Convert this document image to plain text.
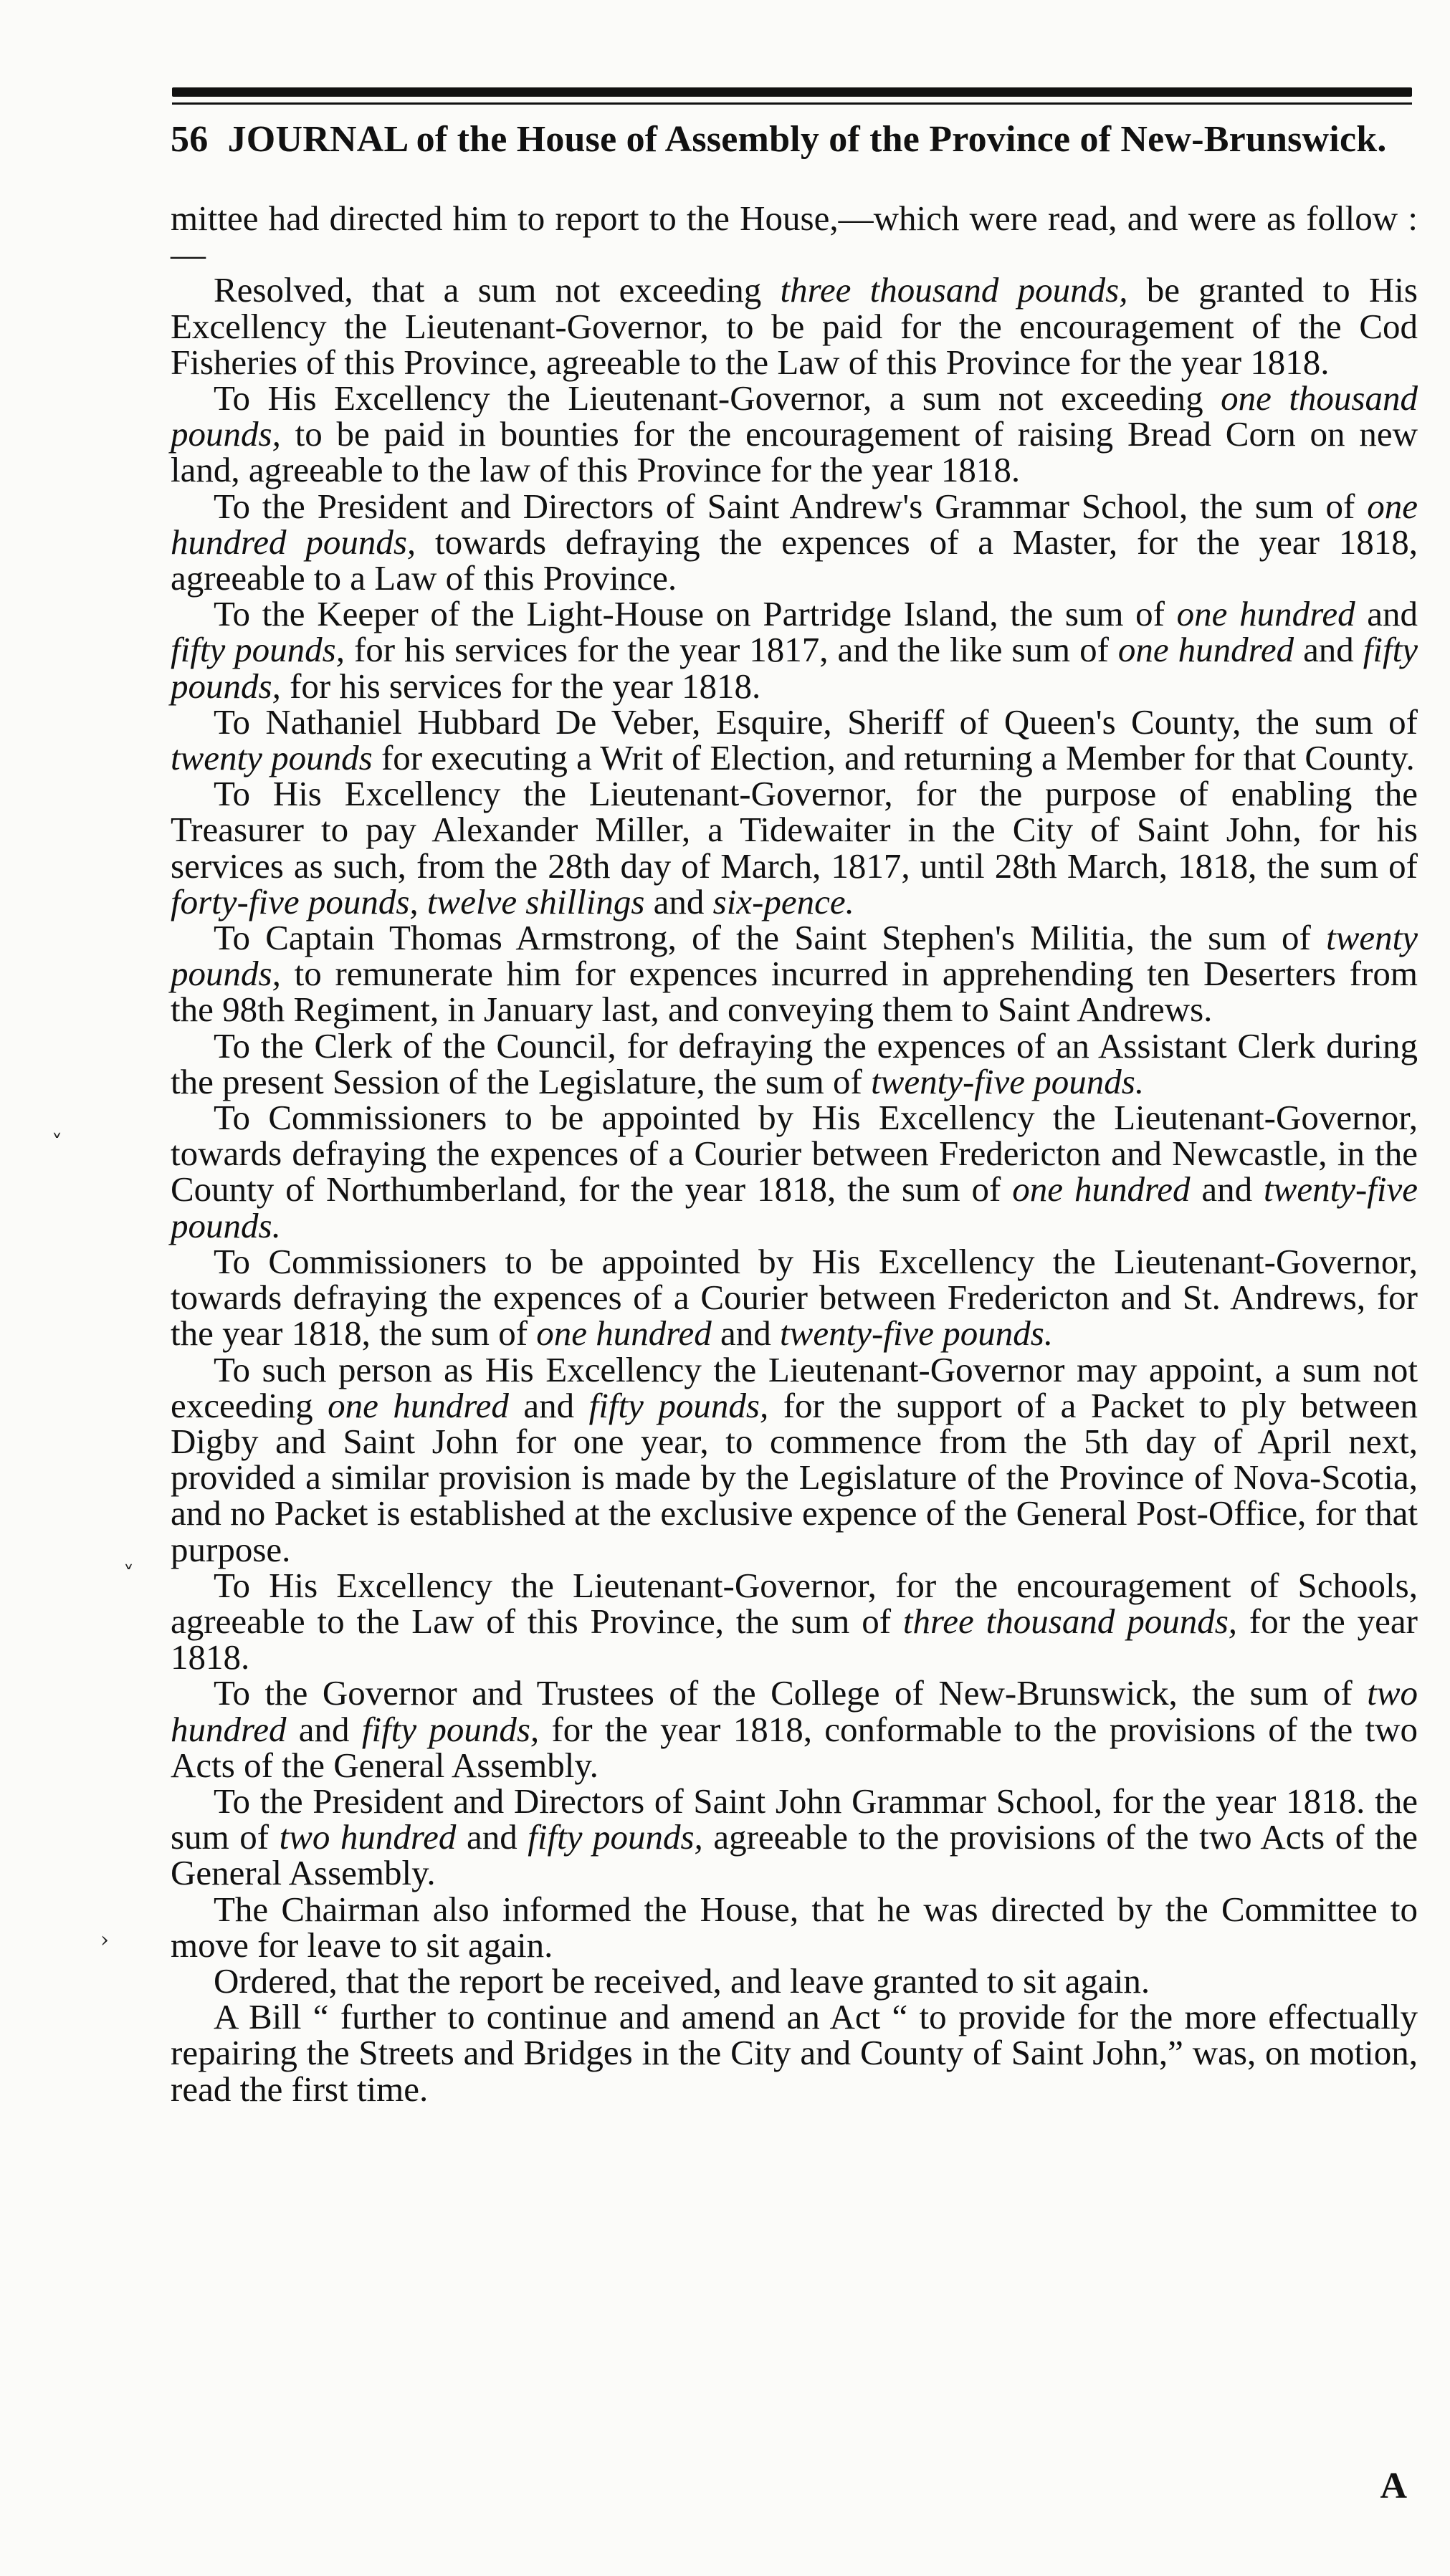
56 JOURNAL of the House of Assembly of the Province of New-Brunswick.

mittee had directed him to report to the House,—which were read, and were as follow :—

Resolved, that a sum not exceeding three thousand pounds, be granted to His Excellency the Lieutenant-Governor, to be paid for the encouragement of the Cod Fisheries of this Province, agreeable to the Law of this Province for the year 1818.

To His Excellency the Lieutenant-Governor, a sum not exceeding one thousand pounds, to be paid in bounties for the encouragement of raising Bread Corn on new land, agreeable to the law of this Province for the year 1818.

To the President and Directors of Saint Andrew's Grammar School, the sum of one hundred pounds, towards defraying the expences of a Master, for the year 1818, agreeable to a Law of this Province.

To the Keeper of the Light-House on Partridge Island, the sum of one hundred and fifty pounds, for his services for the year 1817, and the like sum of one hundred and fifty pounds, for his services for the year 1818.

To Nathaniel Hubbard De Veber, Esquire, Sheriff of Queen's County, the sum of twenty pounds for executing a Writ of Election, and returning a Member for that County.

To His Excellency the Lieutenant-Governor, for the purpose of enabling the Treasurer to pay Alexander Miller, a Tidewaiter in the City of Saint John, for his services as such, from the 28th day of March, 1817, until 28th March, 1818, the sum of forty-five pounds, twelve shillings and six-pence.

To Captain Thomas Armstrong, of the Saint Stephen's Militia, the sum of twenty pounds, to remunerate him for expences incurred in apprehending ten Deserters from the 98th Regiment, in January last, and conveying them to Saint Andrews.

To the Clerk of the Council, for defraying the expences of an Assistant Clerk during the present Session of the Legislature, the sum of twenty-five pounds.

To Commissioners to be appointed by His Excellency the Lieutenant-Governor, towards defraying the expences of a Courier between Fredericton and Newcastle, in the County of Northumberland, for the year 1818, the sum of one hundred and twenty-five pounds.

To Commissioners to be appointed by His Excellency the Lieutenant-Governor, towards defraying the expences of a Courier between Fredericton and St. Andrews, for the year 1818, the sum of one hundred and twenty-five pounds.

To such person as His Excellency the Lieutenant-Governor may appoint, a sum not exceeding one hundred and fifty pounds, for the support of a Packet to ply between Digby and Saint John for one year, to commence from the 5th day of April next, provided a similar provision is made by the Legislature of the Province of Nova-Scotia, and no Packet is established at the exclusive expence of the General Post-Office, for that purpose.

To His Excellency the Lieutenant-Governor, for the encouragement of Schools, agreeable to the Law of this Province, the sum of three thousand pounds, for the year 1818.

To the Governor and Trustees of the College of New-Brunswick, the sum of two hundred and fifty pounds, for the year 1818, conformable to the provisions of the two Acts of the General Assembly.

To the President and Directors of Saint John Grammar School, for the year 1818. the sum of two hundred and fifty pounds, agreeable to the provisions of the two Acts of the General Assembly.

The Chairman also informed the House, that he was directed by the Committee to move for leave to sit again.

Ordered, that the report be received, and leave granted to sit again.

A Bill “ further to continue and amend an Act “ to provide for the more effectually repairing the Streets and Bridges in the City and County of Saint John,” was, on motion, read the first time.

A
˅
˅
›
